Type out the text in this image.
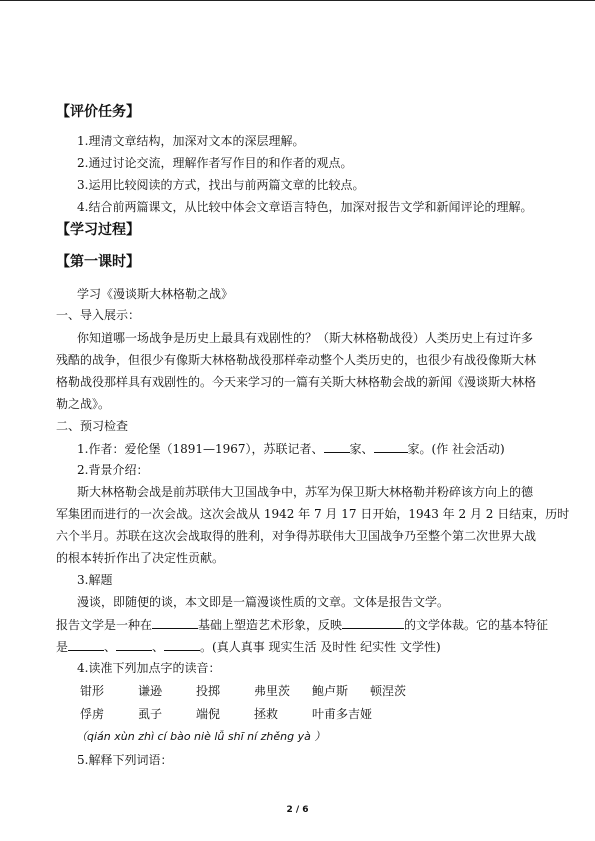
【评价任务】
1.理清文章结构，加深对文本的深层理解。
2.通过讨论交流，理解作者写作目的和作者的观点。
3.运用比较阅读的方式，找出与前两篇文章的比较点。
4.结合前两篇课文，从比较中体会文章语言特色，加深对报告文学和新闻评论的理解。
【学习过程】
【第一课时】
学习《漫谈斯大林格勒之战》
一、导入展示：
你知道哪一场战争是历史上最具有戏剧性的？（斯大林格勒战役）人类历史上有过许多
残酷的战争，但很少有像斯大林格勒战役那样牵动整个人类历史的，也很少有战役像斯大林
格勒战役那样具有戏剧性的。今天来学习的一篇有关斯大林格勒会战的新闻《漫谈斯大林格
勒之战》。
二、预习检查
1.作者：爱伦堡（1891—1967），苏联记者、 家、	家。(作 社会活动)
2.背景介绍：
斯大林格勒会战是前苏联伟大卫国战争中，苏军为保卫斯大林格勒并粉碎该方向上的德
军集团而进行的一次会战。这次会战从 1942 年 7 月 17 日开始，1943 年 2 月 2 日结束，历时
六个半月。苏联在这次会战取得的胜利，对争得苏联伟大卫国战争乃至整个第二次世界大战
的根本转折作出了决定性贡献。
3.解题
漫谈，即随便的谈，本文即是一篇漫谈性质的文章。文体是报告文学。
报告文学是一种在	基础上塑造艺术形象，反映	的文学体裁。它的基本特征
是	、	、	。(真人真事 现实生活 及时性 纪实性 文学性)
4.读准下列加点字的读音：
钳形	谦逊	投掷	弗里茨 鲍卢斯 顿涅茨
俘虏	虱子	端倪	拯救	叶甫多吉娅
（qián xùn zhì cí bào niè lǚ shī ní zhěng yà ）
5.解释下列词语：
2 / 6
